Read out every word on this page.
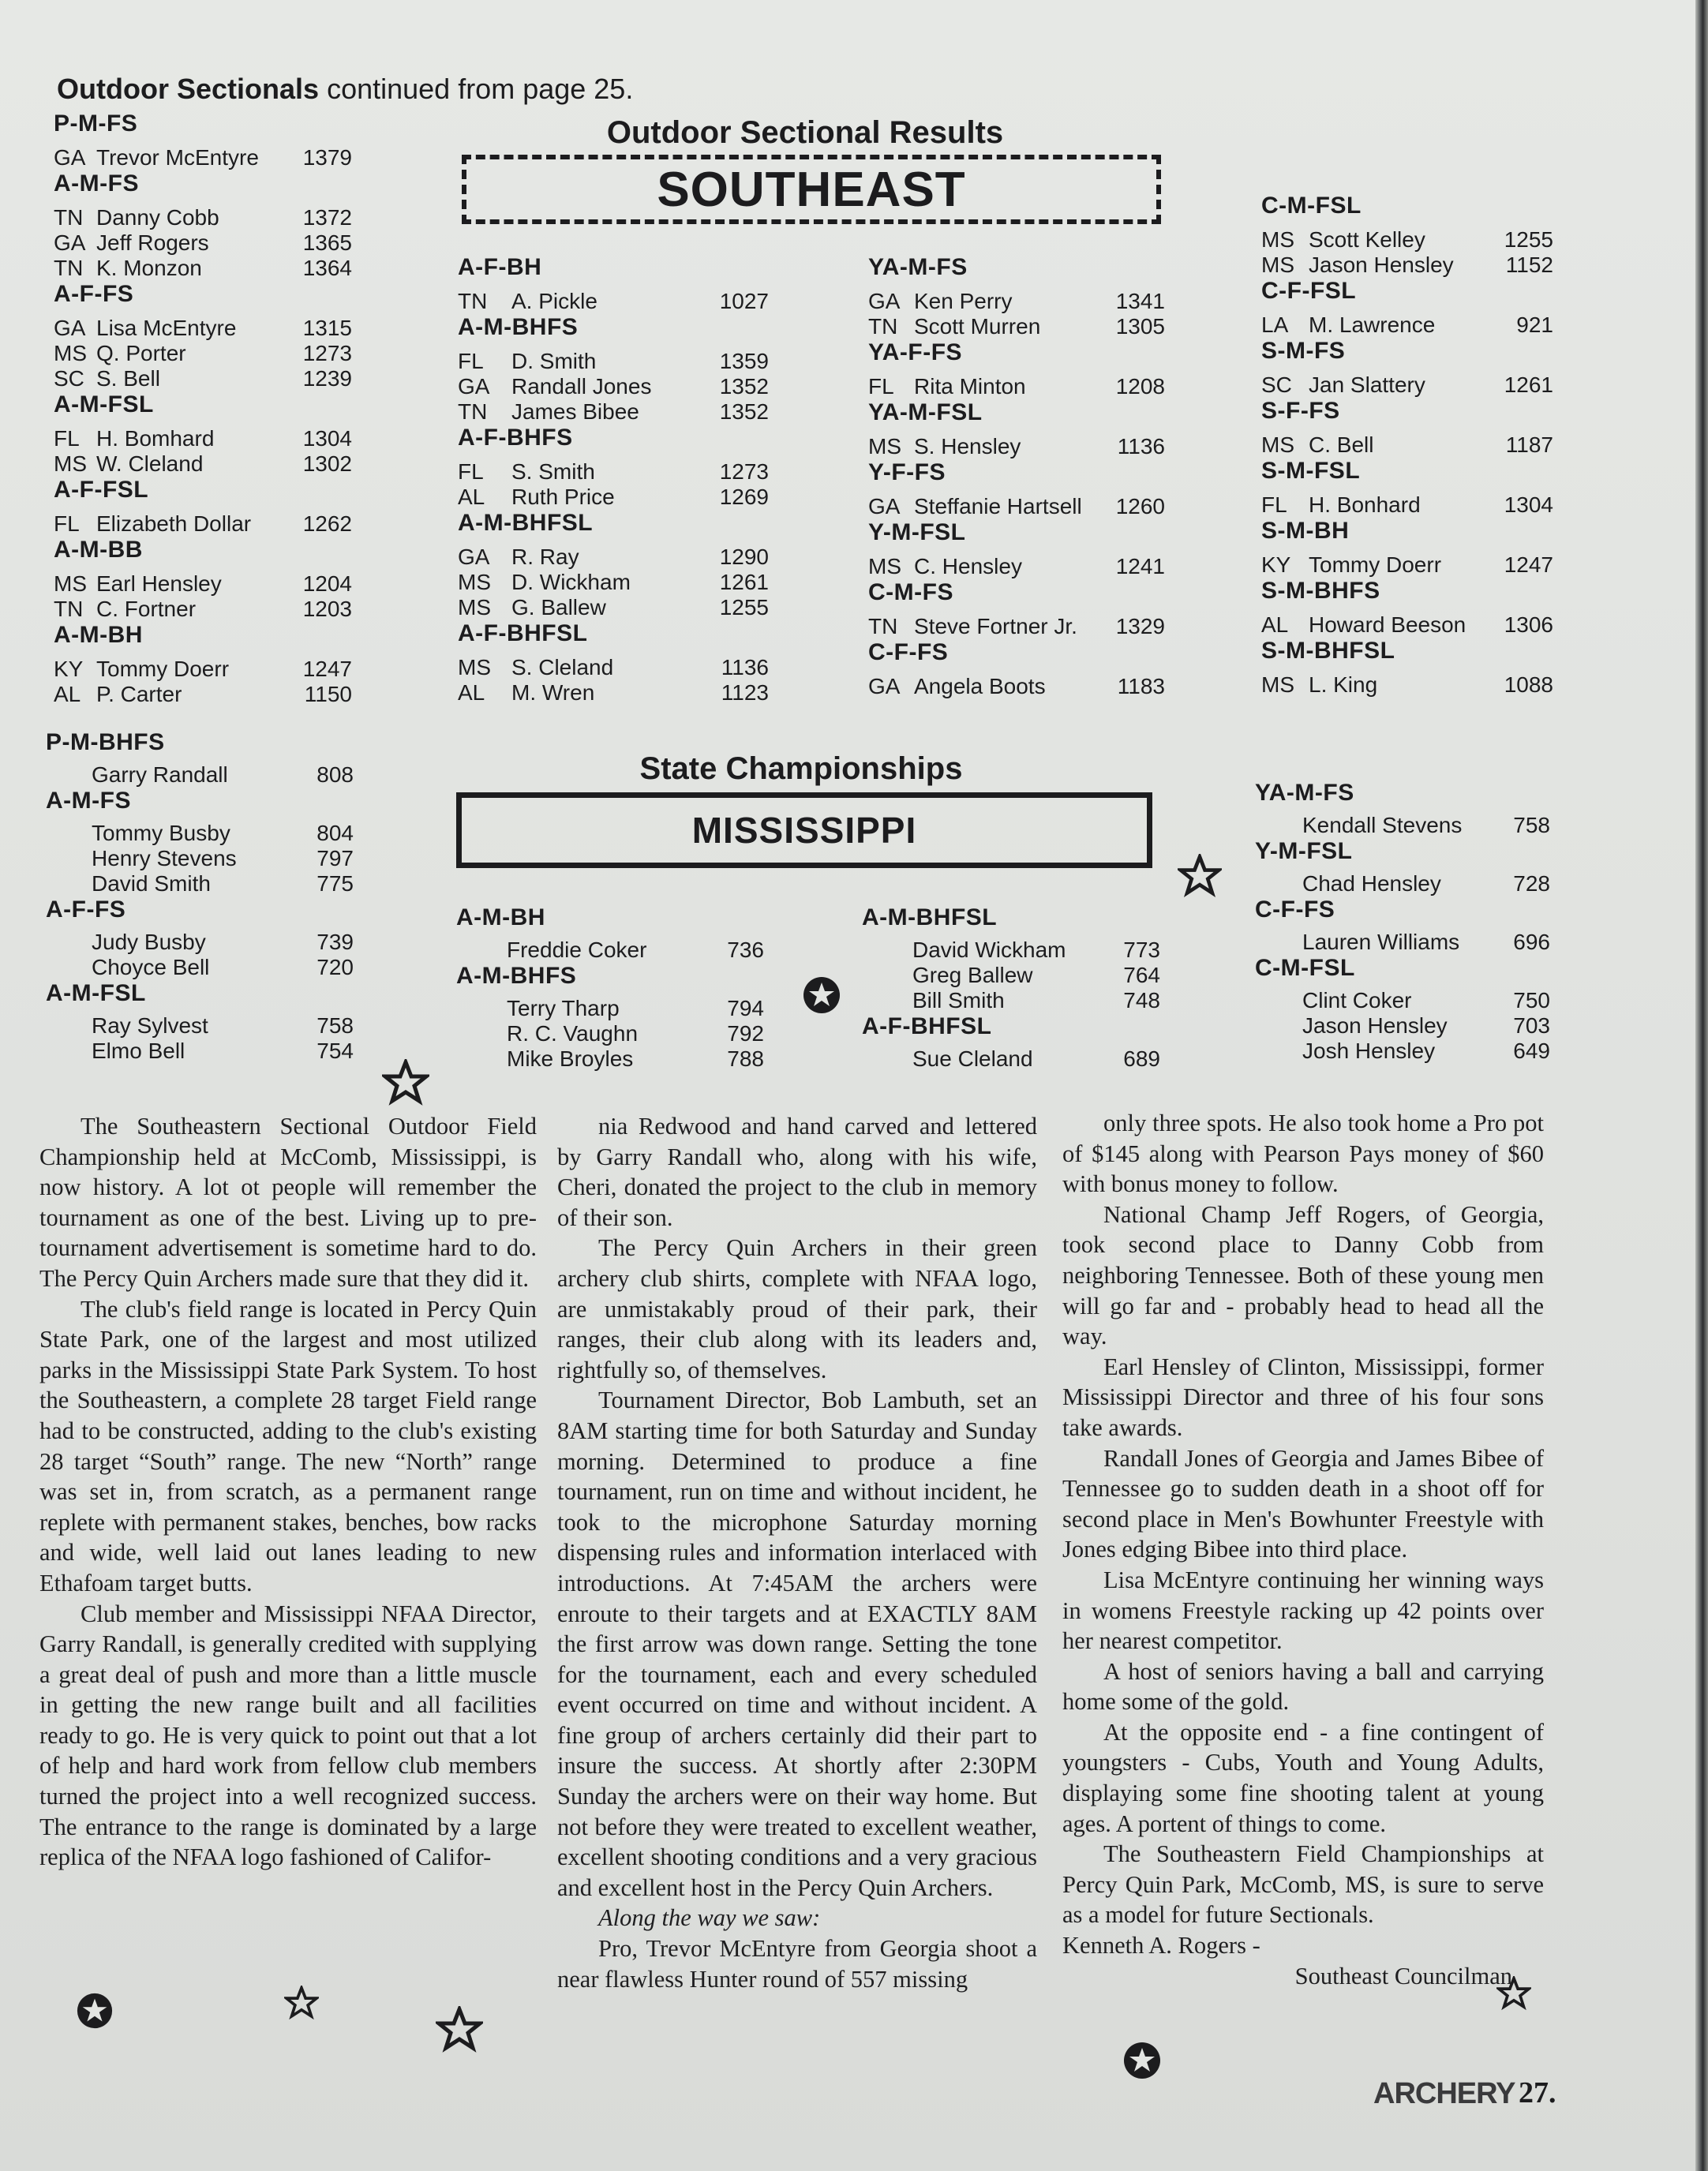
Outdoor Sectionals continued from page 25.
Outdoor Sectional Results
SOUTHEAST
P-M-FS
GA Trevor McEntyre 1379
A-M-FS
TN Danny Cobb	1372
GA Jeff Rogers	1365
TN K. Monzon	1364
A-F-FS
GA Lisa McEntyre	1315
MS Q. Porter	1273
SC S. Bell	1239
A-M-FSL
FL H. Bomhard	1304
MS W. Cleland	1302
A-F-FSL
FL Elizabeth Dollar 1262
A-M-BB
MS Earl Hensley	1204
TN C. Fortner	1203
A-M-BH
KY Tommy Doerr	1247
AL P. Carter	1150
A-F-BH
TN A. Pickle	1027
A-M-BHFS
FL D. Smith	1359
GA Randall Jones	1352
TN James Bibee	1352
A-F-BHFS
FL S. Smith	1273
AL Ruth Price	1269
A-M-BHFSL
GA R. Ray	1290
MS D. Wickham	1261
MS G. Ballew	1255
A-F-BHFSL
MS S. Cleland	1136
AL M. Wren	1123
YA-M-FS
GA Ken Perry	1341
TN Scott Murren	1305
YA-F-FS
FL Rita Minton	1208
YA-M-FSL
MS S. Hensley	1136
Y-F-FS
GA Steffanie Hartsell 1260
Y-M-FSL
MS C. Hensley	1241
C-M-FS
TN Steve Fortner Jr. 1329
C-F-FS
GA Angela Boots	1183
C-M-FSL
MS Scott Kelley	1255
MS Jason Hensley 1152
C-F-FSL
LA M. Lawrence	921
S-M-FS
SC Jan Slattery	1261
S-F-FS
MS C. Bell	1187
S-M-FSL
FL H. Bonhard	1304
S-M-BH
KY Tommy Doerr	1247
S-M-BHFS
AL Howard Beeson 1306
S-M-BHFSL
MS L. King	1088
State Championships
MISSISSIPPI
P-M-BHFS
Garry Randall	808
A-M-FS
Tommy Busby	804
Henry Stevens	797
David Smith	775
A-F-FS
Judy Busby	739
Choyce Bell	720
A-M-FSL
Ray Sylvest	758
Elmo Bell	754
A-M-BH
Freddie Coker	736
A-M-BHFS
Terry Tharp	794
R. C. Vaughn	792
Mike Broyles	788
A-M-BHFSL
David Wickham	773
Greg Ballew	764
Bill Smith	748
A-F-BHFSL
Sue Cleland	689
YA-M-FS
Kendall Stevens 758
Y-M-FSL
Chad Hensley	728
C-F-FS
Lauren Williams 696
C-M-FSL
Clint Coker	750
Jason Hensley	703
Josh Hensley	649

The Southeastern Sectional Outdoor Field Championship held at McComb, Mississippi, is now history. A lot ot people will remember the tournament as one of the best. Living up to pre-tournament advertisement is sometime hard to do. The Percy Quin Archers made sure that they did it.

The club's field range is located in Percy Quin State Park, one of the largest and most utilized parks in the Mississippi State Park System. To host the Southeastern, a complete 28 target Field range had to be constructed, adding to the club's existing 28 target “South” range. The new “North” range was set in, from scratch, as a permanent range replete with permanent stakes, benches, bow racks and wide, well laid out lanes leading to new Ethafoam target butts.

Club member and Mississippi NFAA Director, Garry Randall, is generally credited with supplying a great deal of push and more than a little muscle in getting the new range built and all facilities ready to go. He is very quick to point out that a lot of help and hard work from fellow club members turned the project into a well recognized success. The entrance to the range is dominated by a large replica of the NFAA logo fashioned of Califor-

nia Redwood and hand carved and lettered by Garry Randall who, along with his wife, Cheri, donated the project to the club in memory of their son.

The Percy Quin Archers in their green archery club shirts, complete with NFAA logo, are unmistakably proud of their park, their ranges, their club along with its leaders and, rightfully so, of themselves.

Tournament Director, Bob Lambuth, set an 8AM starting time for both Saturday and Sunday morning. Determined to produce a fine tournament, run on time and without incident, he took to the microphone Saturday morning dispensing rules and information interlaced with introductions. At 7:45AM the archers were enroute to their targets and at EXACTLY 8AM the first arrow was down range. Setting the tone for the tournament, each and every scheduled event occurred on time and without incident. A fine group of archers certainly did their part to insure the success. At shortly after 2:30PM Sunday the archers were on their way home. But not before they were treated to excellent weather, excellent shooting conditions and a very gracious and excellent host in the Percy Quin Archers.

Along the way we saw:

Pro, Trevor McEntyre from Georgia shoot a near flawless Hunter round of 557 missing

only three spots. He also took home a Pro pot of $145 along with Pearson Pays money of $60 with bonus money to follow.

National Champ Jeff Rogers, of Georgia, took second place to Danny Cobb from neighboring Tennessee. Both of these young men will go far and - probably head to head all the way.

Earl Hensley of Clinton, Mississippi, former Mississippi Director and three of his four sons take awards.

Randall Jones of Georgia and James Bibee of Tennessee go to sudden death in a shoot off for second place in Men's Bowhunter Freestyle with Jones edging Bibee into third place.

Lisa McEntyre continuing her winning ways in womens Freestyle racking up 42 points over her nearest competitor.

A host of seniors having a ball and carrying home some of the gold.

At the opposite end - a fine contingent of youngsters - Cubs, Youth and Young Adults, displaying some fine shooting talent at young ages. A portent of things to come.

The Southeastern Field Championships at Percy Quin Park, McComb, MS, is sure to serve as a model for future Sectionals.

Kenneth A. Rogers -

Southeast Councilman

ARCHERY 27.
